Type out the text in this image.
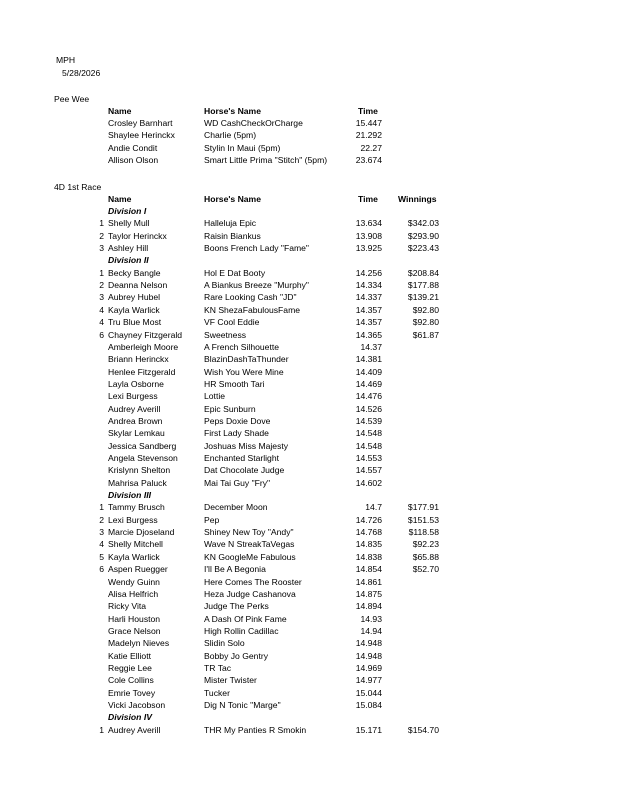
MPH
5/28/2026
Pee Wee
Name	Horse's Name	Time
Crosley Barnhart	WD CashCheckOrCharge	15.447
Shaylee Herinckx	Charlie (5pm)	21.292
Andie Condit	Stylin In Maui (5pm)	22.27
Allison Olson	Smart Little Prima "Stitch" (5pm)	23.674
4D 1st Race
Name	Horse's Name	Time Winnings
Division I
1 Shelly Mull	Halleluja Epic	13.634	$342.03
2 Taylor Herinckx	Raisin Biankus	13.908	$293.90
3 Ashley Hill	Boons French Lady "Fame"	13.925	$223.43
Division II
1 Becky Bangle	Hol E Dat Booty	14.256	$208.84
2 Deanna Nelson	A Biankus Breeze "Murphy"	14.334	$177.88
3 Aubrey Hubel	Rare Looking Cash "JD"	14.337	$139.21
4 Kayla Warlick	KN ShezaFabulousFame	14.357	$92.80
4 Tru Blue Most	VF Cool Eddie	14.357	$92.80
6 Chayney Fitzgerald	Sweetness	14.365	$61.87
Amberleigh Moore	A French Silhouette	14.37
Briann Herinckx	BlazinDashTaThunder	14.381
Henlee Fitzgerald	Wish You Were Mine	14.409
Layla Osborne	HR Smooth Tari	14.469
Lexi Burgess	Lottie	14.476
Audrey Averill	Epic Sunburn	14.526
Andrea Brown	Peps Doxie Dove	14.539
Skylar Lemkau	First Lady Shade	14.548
Jessica Sandberg	Joshuas Miss Majesty	14.548
Angela Stevenson	Enchanted Starlight	14.553
Krislynn Shelton	Dat Chocolate Judge	14.557
Mahrisa Paluck	Mai Tai Guy "Fry"	14.602
Division III
1 Tammy Brusch	December Moon	14.7	$177.91
2 Lexi Burgess	Pep	14.726	$151.53
3 Marcie Djoseland	Shiney New Toy "Andy"	14.768	$118.58
4 Shelly Mitchell	Wave N StreakTaVegas	14.835	$92.23
5 Kayla Warlick	KN GoogleMe Fabulous	14.838	$65.88
6 Aspen Ruegger	I'll Be A Begonia	14.854	$52.70
Wendy Guinn	Here Comes The Rooster	14.861
Alisa Helfrich	Heza Judge Cashanova	14.875
Ricky Vita	Judge The Perks	14.894
Harli Houston	A Dash Of Pink Fame	14.93
Grace Nelson	High Rollin Cadillac	14.94
Madelyn Nieves	Slidin Solo	14.948
Katie Elliott	Bobby Jo Gentry	14.948
Reggie Lee	TR Tac	14.969
Cole Collins	Mister Twister	14.977
Emrie Tovey	Tucker	15.044
Vicki Jacobson	Dig N Tonic "Marge"	15.084
Division IV
1 Audrey Averill	THR My Panties R Smokin	15.171	$154.70
